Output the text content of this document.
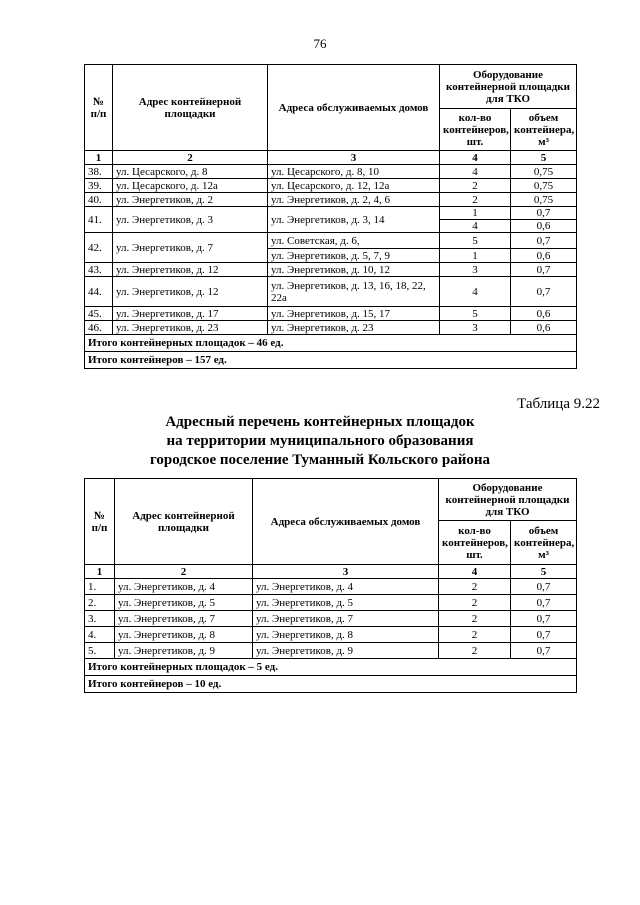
76
№ п/п	Адрес контейнерной площадки	Адреса обслуживаемых домов	Оборудование контейнерной площадки для ТКО	
			кол-во контейнеров, шт.	объем контейнера, м³
1	2	3	4	5
38.	ул. Цесарского, д. 8	ул. Цесарского, д. 8, 10	4	0,75
39.	ул. Цесарского, д. 12а	ул. Цесарского, д. 12, 12а	2	0,75
40.	ул. Энергетиков, д. 2	ул. Энергетиков, д. 2, 4, 6	2	0,75
41.	ул. Энергетиков, д. 3	ул. Энергетиков, д. 3, 14	1	0,7
			4	0,6
42.	ул. Энергетиков, д. 7	ул. Советская, д. 6,	5	0,7
		ул. Энергетиков, д. 5, 7, 9	1	0,6
43.	ул. Энергетиков, д. 12	ул. Энергетиков, д. 10, 12	3	0,7
44.	ул. Энергетиков, д. 12	ул. Энергетиков, д. 13, 16, 18, 22, 22а	4	0,7
45.	ул. Энергетиков, д. 17	ул. Энергетиков, д. 15, 17	5	0,6
46.	ул. Энергетиков, д. 23	ул. Энергетиков, д. 23	3	0,6
Итого контейнерных площадок – 46 ед.				
Итого контейнеров – 157 ед.				
Таблица 9.22
Адресный перечень контейнерных площадок
на территории муниципального образования
городское поселение Туманный Кольского района
№ п/п	Адрес контейнерной площадки	Адреса обслуживаемых домов	Оборудование контейнерной площадки для ТКО	
			кол-во контейнеров, шт.	объем контейнера, м³
1	2	3	4	5
1.	ул. Энергетиков, д. 4	ул. Энергетиков, д. 4	2	0,7
2.	ул. Энергетиков, д. 5	ул. Энергетиков, д. 5	2	0,7
3.	ул. Энергетиков, д. 7	ул. Энергетиков, д. 7	2	0,7
4.	ул. Энергетиков, д. 8	ул. Энергетиков, д. 8	2	0,7
5.	ул. Энергетиков, д. 9	ул. Энергетиков, д. 9	2	0,7
Итого контейнерных площадок – 5 ед.				
Итого контейнеров – 10 ед.				
